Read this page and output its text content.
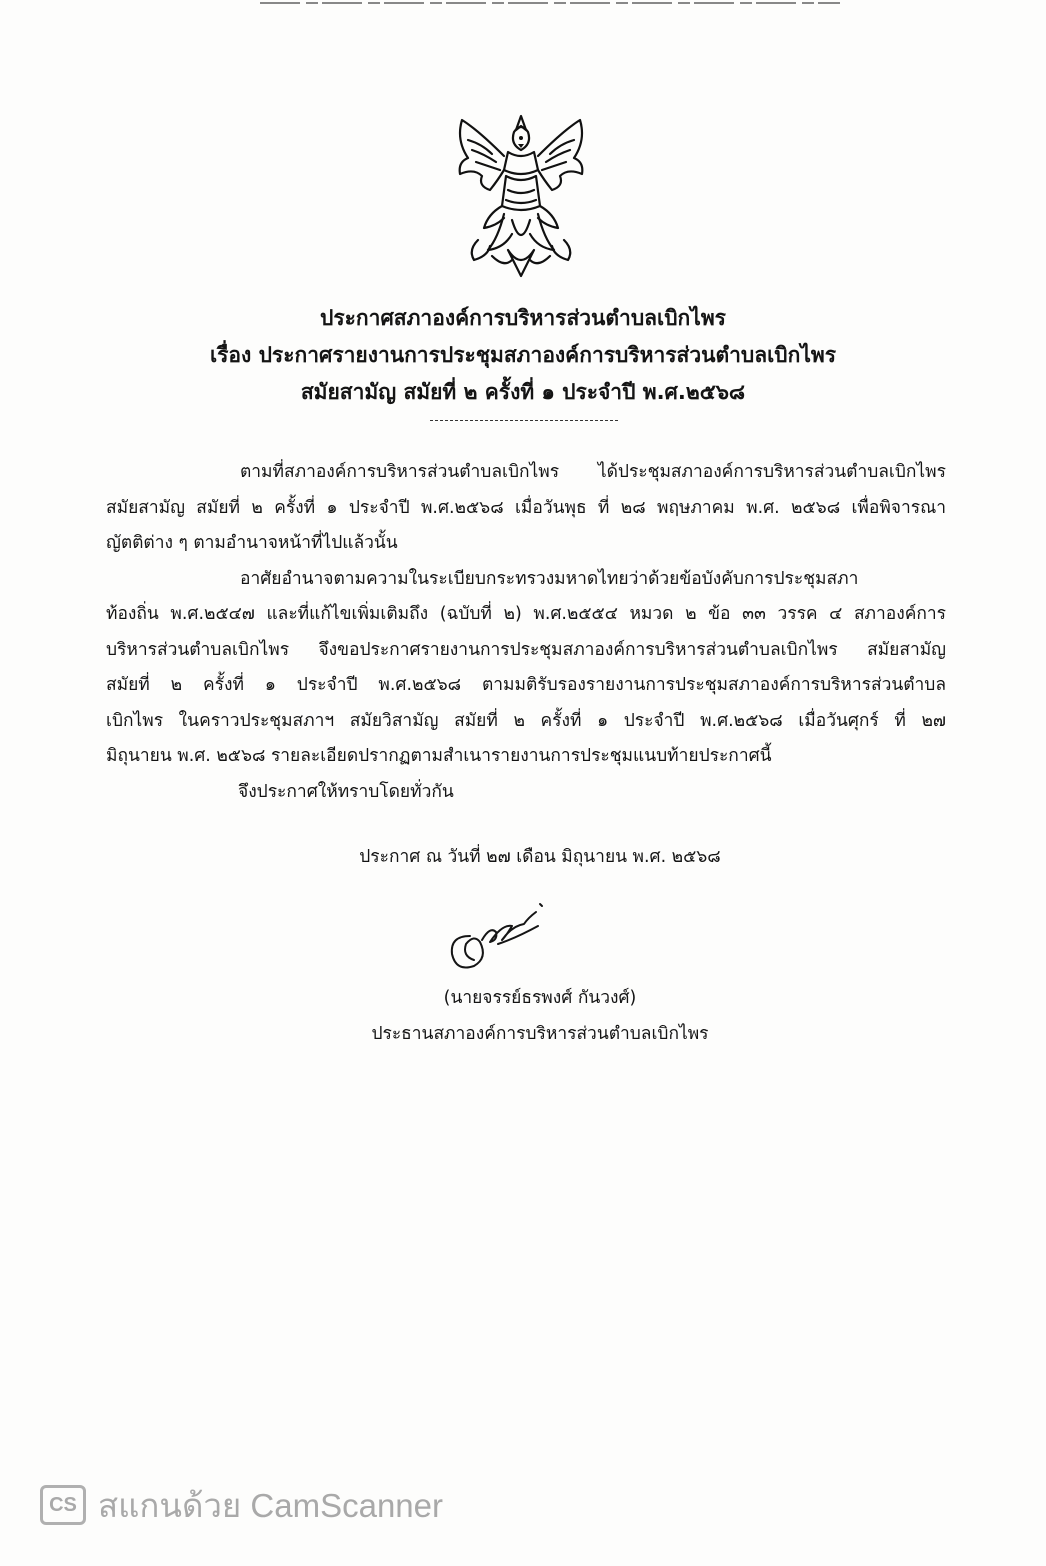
ประกาศสภาองค์การบริหารส่วนตำบลเบิกไพร
เรื่อง ประกาศรายงานการประชุมสภาองค์การบริหารส่วนตำบลเบิกไพร
สมัยสามัญ สมัยที่ ๒ ครั้งที่ ๑ ประจำปี พ.ศ.๒๕๖๘
ตามที่สภาองค์การบริหารส่วนตำบลเบิกไพร ได้ประชุมสภาองค์การบริหารส่วนตำบลเบิกไพร
สมัยสามัญ สมัยที่ ๒ ครั้งที่ ๑ ประจำปี พ.ศ.๒๕๖๘ เมื่อวันพุธ ที่ ๒๘ พฤษภาคม พ.ศ. ๒๕๖๘ เพื่อพิจารณา
ญัตติต่าง ๆ ตามอำนาจหน้าที่ไปแล้วนั้น
อาศัยอำนาจตามความในระเบียบกระทรวงมหาดไทยว่าด้วยข้อบังคับการประชุมสภา
ท้องถิ่น พ.ศ.๒๕๔๗ และที่แก้ไขเพิ่มเติมถึง (ฉบับที่ ๒) พ.ศ.๒๕๕๔ หมวด ๒ ข้อ ๓๓ วรรค ๔ สภาองค์การ
บริหารส่วนตำบลเบิกไพร จึงขอประกาศรายงานการประชุมสภาองค์การบริหารส่วนตำบลเบิกไพร สมัยสามัญ
สมัยที่ ๒ ครั้งที่ ๑ ประจำปี พ.ศ.๒๕๖๘ ตามมติรับรองรายงานการประชุมสภาองค์การบริหารส่วนตำบล
เบิกไพร ในคราวประชุมสภาฯ สมัยวิสามัญ สมัยที่ ๒ ครั้งที่ ๑ ประจำปี พ.ศ.๒๕๖๘ เมื่อวันศุกร์ ที่ ๒๗
มิถุนายน พ.ศ. ๒๕๖๘ รายละเอียดปรากฏตามสำเนารายงานการประชุมแนบท้ายประกาศนี้
จึงประกาศให้ทราบโดยทั่วกัน
ประกาศ ณ วันที่ ๒๗ เดือน มิถุนายน พ.ศ. ๒๕๖๘
(นายจรรย์ธรพงศ์ กันวงศ์)
ประธานสภาองค์การบริหารส่วนตำบลเบิกไพร
CS สแกนด้วย CamScanner
